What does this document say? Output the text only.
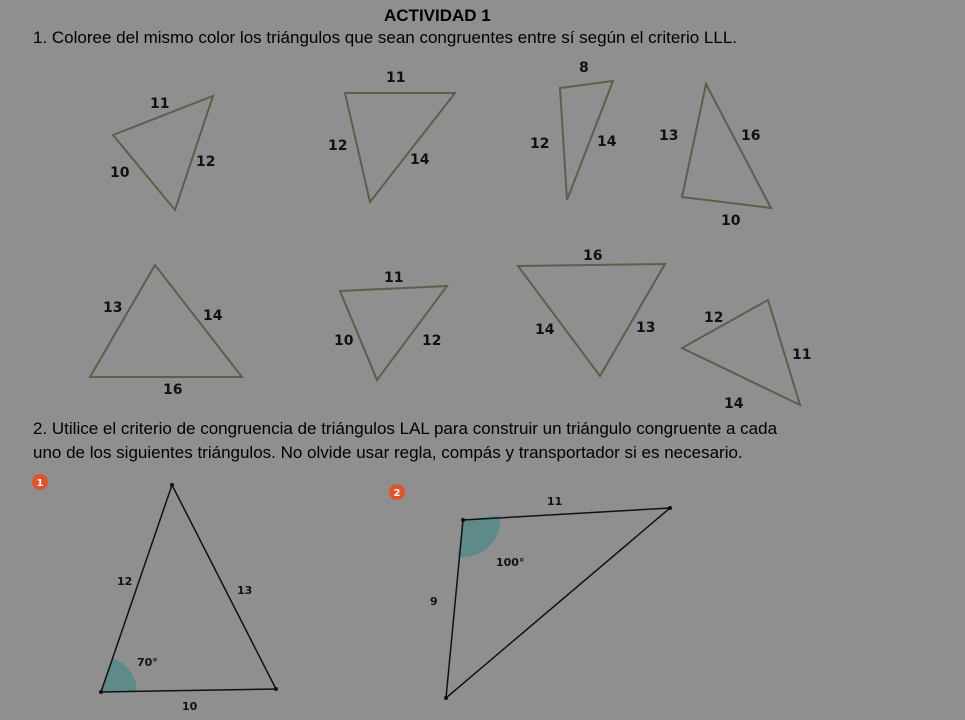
ACTIVIDAD 1
1. Coloree del mismo color los triángulos que sean congruentes entre sí según el criterio LLL.
2. Utilice el criterio de congruencia de triángulos LAL para construir un triángulo congruente a cada
uno de los siguientes triángulos. No olvide usar regla, compás y transportador si es necesario.
11
12
10
11
12
14
8
12	14	13	16
10
13	14
16
11
10	12
16
14	13
12
11
14
1
12
13
10
70°
2
11
9
100°
